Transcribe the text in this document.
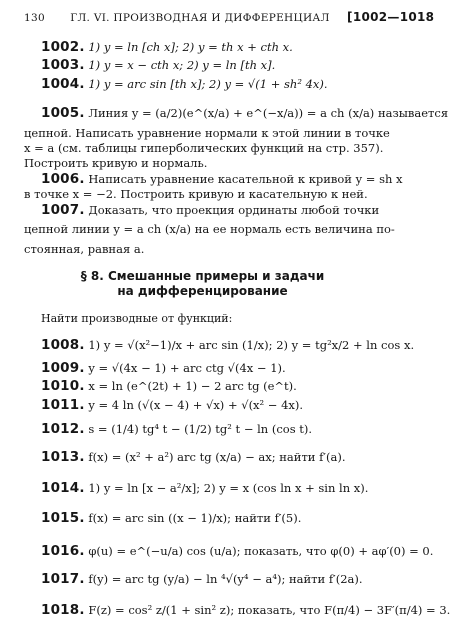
130 ГЛ. VI. ПРОИЗВОДНАЯ И ДИФФЕРЕНЦИАЛ [1002—1018
1002. 1) y = ln [ch x]; 2) y = th x + cth x.
1003. 1) y = x − cth x; 2) y = ln [th x].
1004. 1) y = arc sin [th x]; 2) y = √(1 + sh² 4x).
1005. Линия y = (a/2)(e^(x/a) + e^(−x/a)) = a ch (x/a) называется
цепной. Написать уравнение нормали к этой линии в точке
x = a (см. таблицы гиперболических функций на стр. 357).
Построить кривую и нормаль.
1006. Написать уравнение касательной к кривой y = sh x
в точке x = −2. Построить кривую и касательную к ней.
1007. Доказать, что проекция ординаты любой точки
цепной линии y = a ch (x/a) на ее нормаль есть величина по-
стоянная, равная a.
§ 8. Смешанные примеры и задачи
на дифференцирование
Найти производные от функций:
1008. 1) y = √(x²−1)/x + arc sin (1/x); 2) y = tg²x/2 + ln cos x.
1009. y = √(4x − 1) + arc ctg √(4x − 1).
1010. x = ln (e^(2t) + 1) − 2 arc tg (e^t).
1011. y = 4 ln (√(x − 4) + √x) + √(x² − 4x).
1012. s = (1/4) tg⁴ t − (1/2) tg² t − ln (cos t).
1013. f(x) = (x² + a²) arc tg (x/a) − ax; найти f′(a).
1014. 1) y = ln [x − a²/x]; 2) y = x (cos ln x + sin ln x).
1015. f(x) = arc sin ((x − 1)/x); найти f′(5).
1016. φ(u) = e^(−u/a) cos (u/a); показать, что φ(0) + aφ′(0) = 0.
1017. f(y) = arc tg (y/a) − ln ⁴√(y⁴ − a⁴); найти f′(2a).
1018. F(z) = cos² z/(1 + sin² z); показать, что F(π/4) − 3F′(π/4) = 3.
